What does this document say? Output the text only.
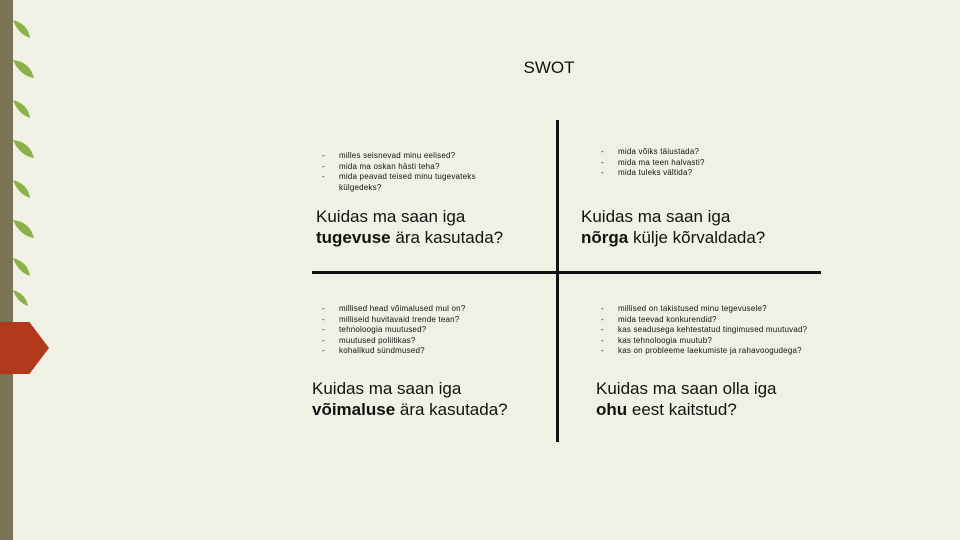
SWOT
- milles seisnevad minu eelised?
- mida ma oskan hästi teha?
- mida peavad teised minu tugevateks külgedeks?
Kuidas ma saan iga
tugevuse ära kasutada?
- mida võiks täiustada?
- mida ma teen halvasti?
- mida tuleks vältida?
Kuidas ma saan iga
nõrga külje kõrvaldada?
- millised head võimalused mul on?
- milliseid huvitavaid trende tean?
- tehnoloogia muutused?
- muutused poliitikas?
- kohalikud sündmused?
Kuidas ma saan iga
võimaluse ära kasutada?
- millised on takistused minu tegevusele?
- mida teevad konkurendid?
- kas seadusega kehtestatud tingimused muutuvad?
- kas tehnoloogia muutub?
- kas on probleeme laekumiste ja rahavoogudega?
Kuidas ma saan olla iga
ohu eest kaitstud?
